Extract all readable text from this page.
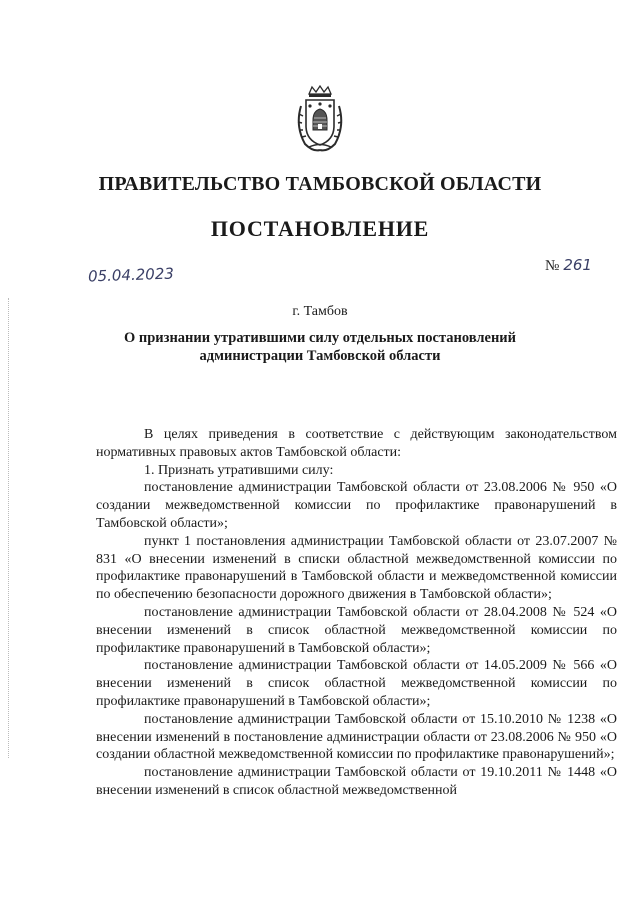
ПРАВИТЕЛЬСТВО ТАМБОВСКОЙ ОБЛАСТИ
ПОСТАНОВЛЕНИЕ
05.04.2023	№ 261
г. Тамбов
О признании утратившими силу отдельных постановлений
администрации Тамбовской области

В целях приведения в соответствие с действующим законодательством нормативных правовых актов Тамбовской области:

1. Признать утратившими силу:

постановление администрации Тамбовской области от 23.08.2006 № 950 «О создании межведомственной комиссии по профилактике правонарушений в Тамбовской области»;

пункт 1 постановления администрации Тамбовской области от 23.07.2007 № 831 «О внесении изменений в списки областной межведомственной комиссии по профилактике правонарушений в Тамбовской области и межведомственной комиссии по обеспечению безопасности дорожного движения в Тамбовской области»;

постановление администрации Тамбовской области от 28.04.2008 № 524 «О внесении изменений в список областной межведомственной комиссии по профилактике правонарушений в Тамбовской области»;

постановление администрации Тамбовской области от 14.05.2009 № 566 «О внесении изменений в список областной межведомственной комиссии по профилактике правонарушений в Тамбовской области»;

постановление администрации Тамбовской области от 15.10.2010 № 1238 «О внесении изменений в постановление администрации области от 23.08.2006 № 950 «О создании областной межведомственной комиссии по профилактике правонарушений»;

постановление администрации Тамбовской области от 19.10.2011 № 1448 «О внесении изменений в список областной межведомственной
